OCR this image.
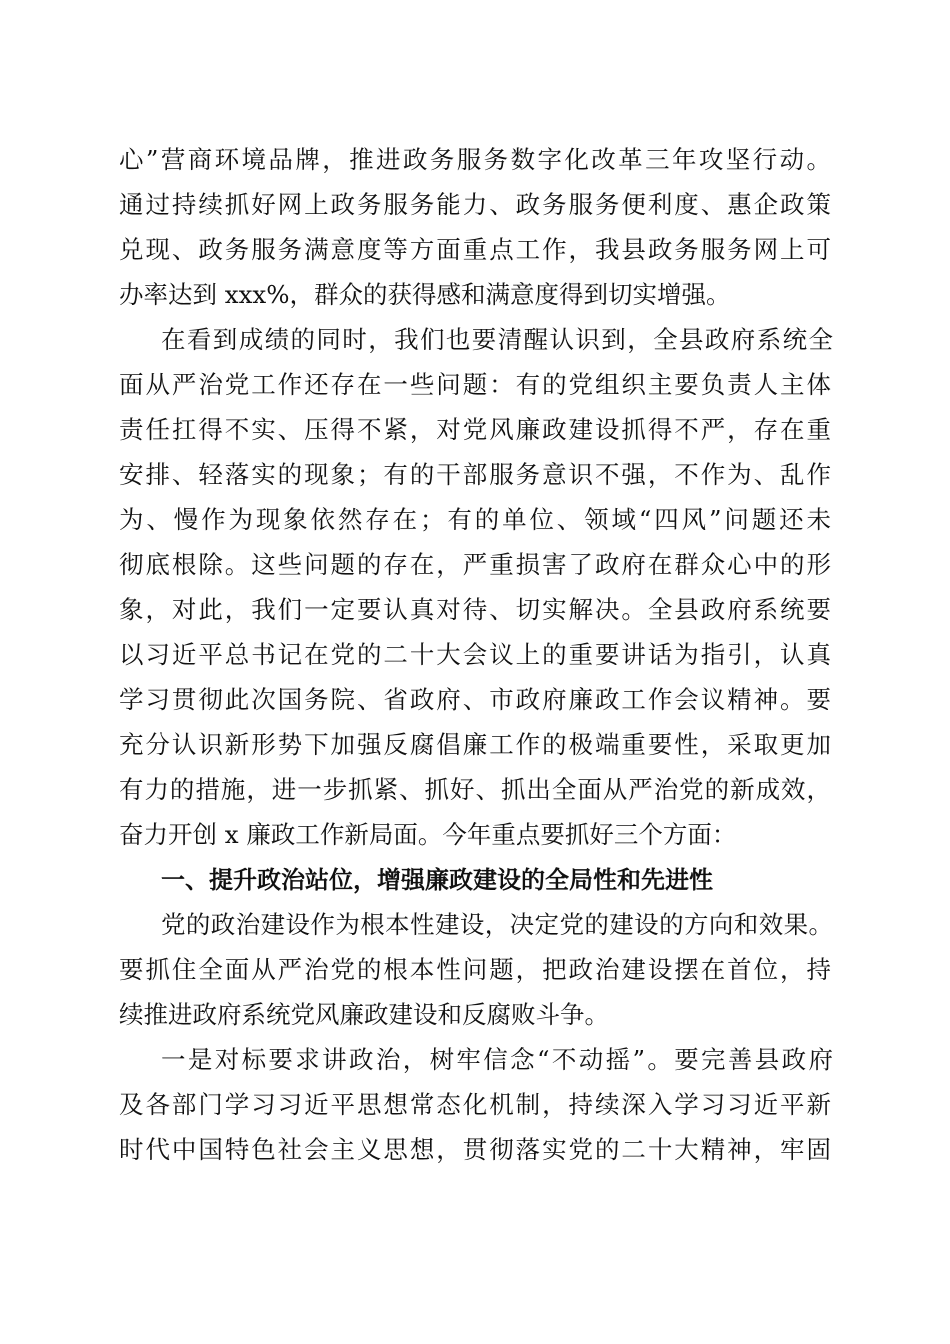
心”营商环境品牌，推进政务服务数字化改革三年攻坚行动。
通过持续抓好网上政务服务能力、政务服务便利度、惠企政策
兑现、政务服务满意度等方面重点工作，我县政务服务网上可
办率达到 xxx%，群众的获得感和满意度得到切实增强。
在看到成绩的同时，我们也要清醒认识到，全县政府系统全
面从严治党工作还存在一些问题：有的党组织主要负责人主体
责任扛得不实、压得不紧，对党风廉政建设抓得不严，存在重
安排、轻落实的现象；有的干部服务意识不强，不作为、乱作
为、慢作为现象依然存在；有的单位、领域“四风”问题还未
彻底根除。这些问题的存在，严重损害了政府在群众心中的形
象，对此，我们一定要认真对待、切实解决。全县政府系统要
以习近平总书记在党的二十大会议上的重要讲话为指引，认真
学习贯彻此次国务院、省政府、市政府廉政工作会议精神。要
充分认识新形势下加强反腐倡廉工作的极端重要性，采取更加
有力的措施，进一步抓紧、抓好、抓出全面从严治党的新成效，
奋力开创 x 廉政工作新局面。今年重点要抓好三个方面：
一、提升政治站位，增强廉政建设的全局性和先进性
党的政治建设作为根本性建设，决定党的建设的方向和效果。
要抓住全面从严治党的根本性问题，把政治建设摆在首位，持
续推进政府系统党风廉政建设和反腐败斗争。
一是对标要求讲政治，树牢信念“不动摇”。要完善县政府
及各部门学习习近平思想常态化机制，持续深入学习习近平新
时代中国特色社会主义思想，贯彻落实党的二十大精神，牢固
